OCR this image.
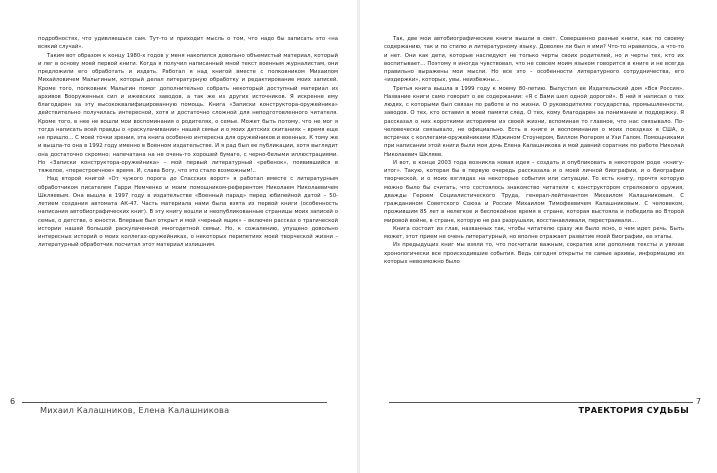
подробностях, что удивляешься сам. Тут-то и приходит мысль о том, что надо бы записать это «на всякий случай».

Таким вот образом к концу 1980-х годов у меня накопился довольно объемистый материал, который и лег в основу моей первой книги. Когда я получил написанный мной текст военным журналистам, они предложили его обработать и издать. Работал я над книгой вместе с полковником Михаилом Михайловичем Малыгиным, который делал литературную обработку и редактирование моих записей. Кроме того, полковник Малыгин помог дополнительно собрать некоторый доступный материал из архивов Вооруженных сил и ижевских заводов, а так же из других источников. Я искренне ему благодарен за эту высококвалифицированную помощь. Книга «Записки конструктора-оружейника» действительно получилась интересной, хотя и достаточно сложной для неподготовленного читателя. Кроме того, в нее не вошли мои воспоминания о родителях, о семье. Может быть потому, что не мог я тогда написать всей правды о «раскулачивании» нашей семьи и о моих детских скитаниях – время еще не пришло... С моей точки зрения, эта книга особенно интересна для оружейников и военных. К тому же и вышла-то она в 1992 году именно в Военном издательстве. И я рад был ее публикации, хотя выглядит она достаточно скромно: напечатана на не очень-то хорошей бумаге, с черно-белыми иллюстрациями. Но «Записки конструктора-оружейника» – мой первый литературный «ребенок», появившийся в тяжелое, «перестроечное» время. И, слава Богу, что это стало возможным!..

Над второй книгой «От чужого порога до Спасских ворот» я работал вместе с литературным обработчиком писателем Гарри Немченко и моим помощником-референтом Николаем Николаевичем Шкляевым. Она вышла в 1997 году в издательстве «Военный парад» перед юбилейной датой – 50-летием создания автомата АК-47. Часть материала нами была взята из первой книги (особенность написания автобиографических книг). В эту книгу вошли и неопубликованные страницы моих записей о семье, о детстве, о юности. Впервые был открыт и мой «черный ящик» – включен рассказ о трагической истории нашей большой раскулаченной многодетной семьи. Но, к сожалению, упущено довольно интересных историй о моих коллегах-оружейниках, о некоторых перипетиях моей творческой жизни – литературный обработчик посчитал этот материал излишним.

6
Михаил Калашников, Елена Калашникова

Так, две мои автобиографические книги вышли в свет. Совершенно разные книги, как по своему содержанию, так и по стилю и литературному языку. Доволен ли был я ими? Что-то нравилось, а что-то и нет. Они как дети, которые наследуют не только черты своих родителей, но и черты тех, кто их воспитывает... Поэтому я иногда чувствовал, что не совсем моим языком говорится в книге и не всегда правильно выражены мои мысли. Но все это – особенности литературного сотрудничества, его «издержки», которых, увы, неизбежны...

Третья книга вышла в 1999 году к моему 80-летию. Выпустил ее Издательский дом «Вся Россия». Название книги само говорит о ее содержании: «Я с Вами шел одной дорогой». В ней я написал о тех людях, с которыми был связан по работе и по жизни. О руководителях государства, промышленности, заводов. О тех, кто оставил в моей памяти след. О тех, кому благодарен за понимание и поддержку. Я рассказал о них короткими историями из своей жизни, вспоминая то главное, что нас связывало. По-человечески связывало, не официально. Есть в книге и воспоминания о моих поездках в США, о встречах с коллегами-оружейниками Юджином Стоунером, Биллом Рюгером и Узи Галом. Помощниками при написании этой книги были моя дочь Елена Калашникова и мой давний соратник по работе Николай Николаевич Шкляев.

И вот, в конце 2003 года возникла новая идея – создать и опубликовать в некотором роде «книгу-итог». Такую, которая бы в первую очередь рассказала и о моей личной биографии, и о биографии творческой, и о моих взглядах на некоторые события или ситуации. То есть книгу, прочтя которую можно было бы считать, что состоялось знакомство читателя с конструктором стрелкового оружия, дважды Героем Социалистического Труда, генерал-лейтенантом Михаилом Калашниковым. С гражданином Советского Союза и России Михаилом Тимофеевичем Калашниковым. С человеком, прожившим 85 лет в нелегкое и беспокойное время в стране, которая выстояла и победила во Второй мировой войне, в стране, которую не раз разрушали, восстанавливали, перестраивали...

Книга состоит из глав, названных так, чтобы читателю сразу же было ясно, о чем идет речь. Быть может, этот прием не очень литературный, но вполне отражает развитие моей биографии, ее этапы.

Из предыдущих книг мы взяли то, что посчитали важным, сократив или дополнив тексты и увязав хронологически все происходившие события. Ведь сегодня открыты те самые архивы, информацию из которых невозможно было

7
ТРАЕКТОРИЯ СУДЬБЫ
